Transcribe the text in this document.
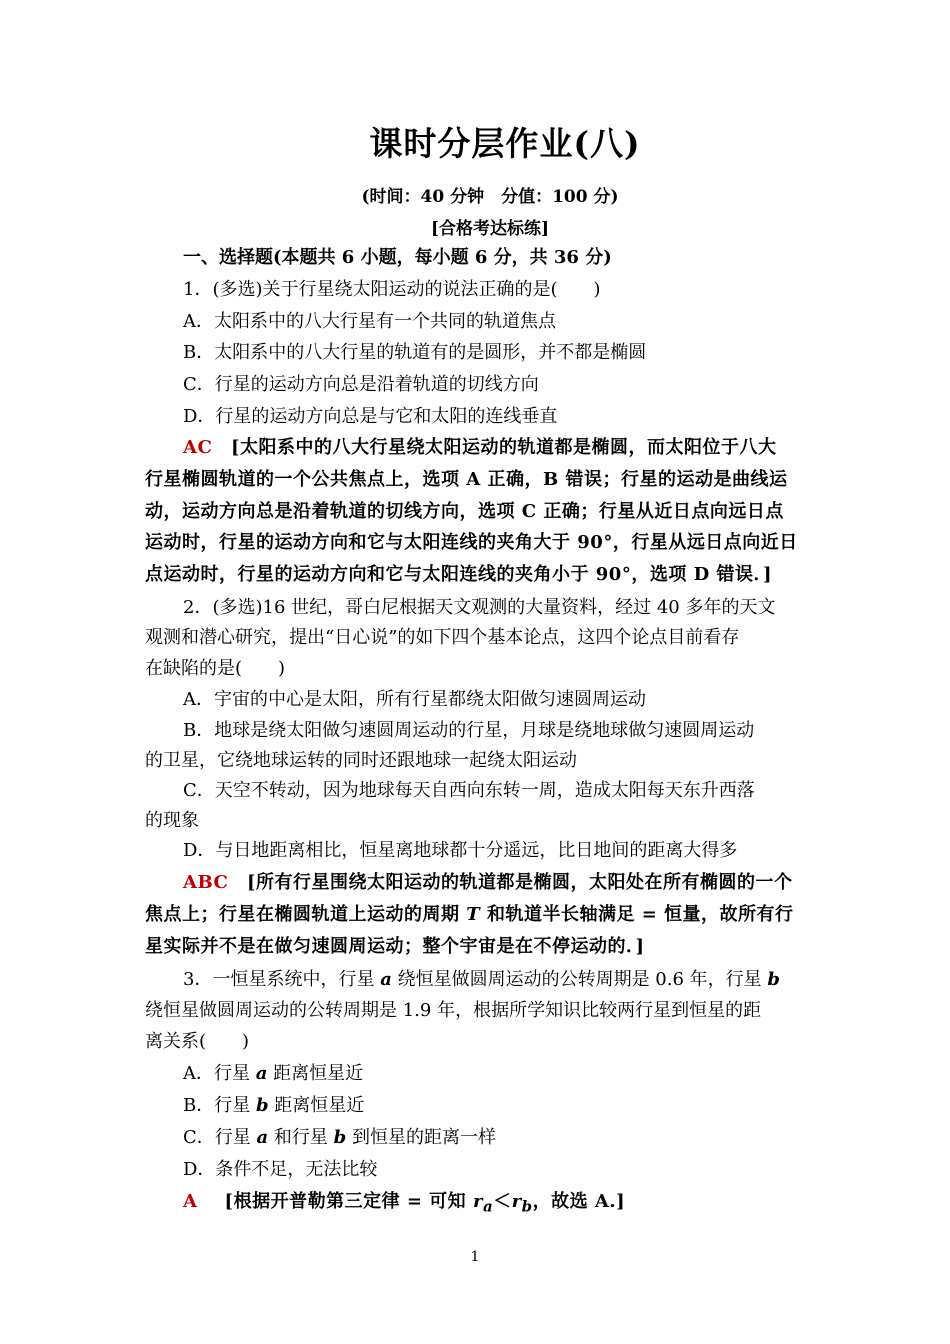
课时分层作业(八)
(时间：40 分钟　分值：100 分)
[合格考达标练]
一、选择题(本题共 6 小题，每小题 6 分，共 36 分)
1．(多选)关于行星绕太阳运动的说法正确的是(　　)
A．太阳系中的八大行星有一个共同的轨道焦点
B．太阳系中的八大行星的轨道有的是圆形，并不都是椭圆
C．行星的运动方向总是沿着轨道的切线方向
D．行星的运动方向总是与它和太阳的连线垂直
AC [太阳系中的八大行星绕太阳运动的轨道都是椭圆，而太阳位于八大
行星椭圆轨道的一个公共焦点上，选项 A 正确，B 错误；行星的运动是曲线运
动，运动方向总是沿着轨道的切线方向，选项 C 正确；行星从近日点向远日点
运动时，行星的运动方向和它与太阳连线的夹角大于 90°，行星从远日点向近日
点运动时，行星的运动方向和它与太阳连线的夹角小于 90°，选项 D 错误．]
2．(多选)16 世纪，哥白尼根据天文观测的大量资料，经过 40 多年的天文
观测和潜心研究，提出“日心说”的如下四个基本论点，这四个论点目前看存
在缺陷的是(　　)
A．宇宙的中心是太阳，所有行星都绕太阳做匀速圆周运动
B．地球是绕太阳做匀速圆周运动的行星，月球是绕地球做匀速圆周运动
的卫星，它绕地球运转的同时还跟地球一起绕太阳运动
C．天空不转动，因为地球每天自西向东转一周，造成太阳每天东升西落
的现象
D．与日地距离相比，恒星离地球都十分遥远，比日地间的距离大得多
ABC [所有行星围绕太阳运动的轨道都是椭圆，太阳处在所有椭圆的一个
焦点上；行星在椭圆轨道上运动的周期 T 和轨道半长轴满足 = 恒量，故所有行
星实际并不是在做匀速圆周运动；整个宇宙是在不停运动的．]
3．一恒星系统中，行星 a 绕恒星做圆周运动的公转周期是 0.6 年，行星 b
绕恒星做圆周运动的公转周期是 1.9 年，根据所学知识比较两行星到恒星的距
离关系(　　)
A．行星 a 距离恒星近
B．行星 b 距离恒星近
C．行星 a 和行星 b 到恒星的距离一样
D．条件不足，无法比较
A [根据开普勒第三定律 = 可知 $r_a<r_b$，故选 A.]
1
